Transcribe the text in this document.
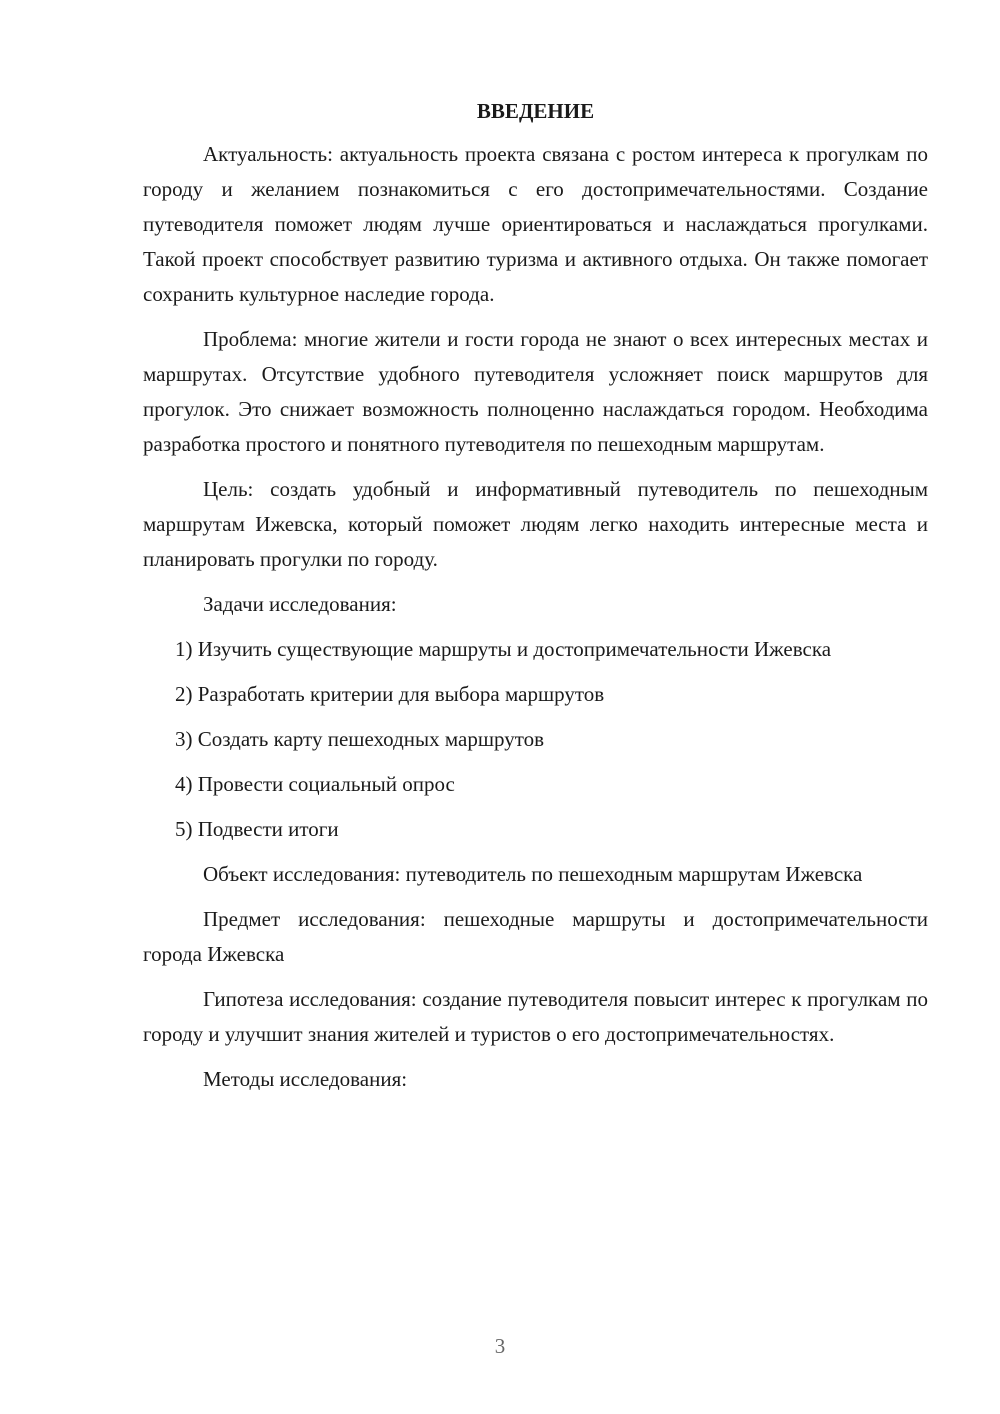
ВВЕДЕНИЕ

Актуальность: актуальность проекта связана с ростом интереса к прогулкам по городу и желанием познакомиться с его достопримечательностями. Создание путеводителя поможет людям лучше ориентироваться и наслаждаться прогулками. Такой проект способствует развитию туризма и активного отдыха. Он также помогает сохранить культурное наследие города.

Проблема: многие жители и гости города не знают о всех интересных местах и маршрутах. Отсутствие удобного путеводителя усложняет поиск маршрутов для прогулок. Это снижает возможность полноценно наслаждаться городом. Необходима разработка простого и понятного путеводителя по пешеходным маршрутам.

Цель: создать удобный и информативный путеводитель по пешеходным маршрутам Ижевска, который поможет людям легко находить интересные места и планировать прогулки по городу.

Задачи исследования:

1) Изучить существующие маршруты и достопримечательности Ижевска

2) Разработать критерии для выбора маршрутов

3) Создать карту пешеходных маршрутов

4) Провести социальный опрос

5) Подвести итоги

Объект исследования: путеводитель по пешеходным маршрутам Ижевска

Предмет исследования: пешеходные маршруты и достопримечательности города Ижевска

Гипотеза исследования: создание путеводителя повысит интерес к прогулкам по городу и улучшит знания жителей и туристов о его достопримечательностях.

Методы исследования:

3
